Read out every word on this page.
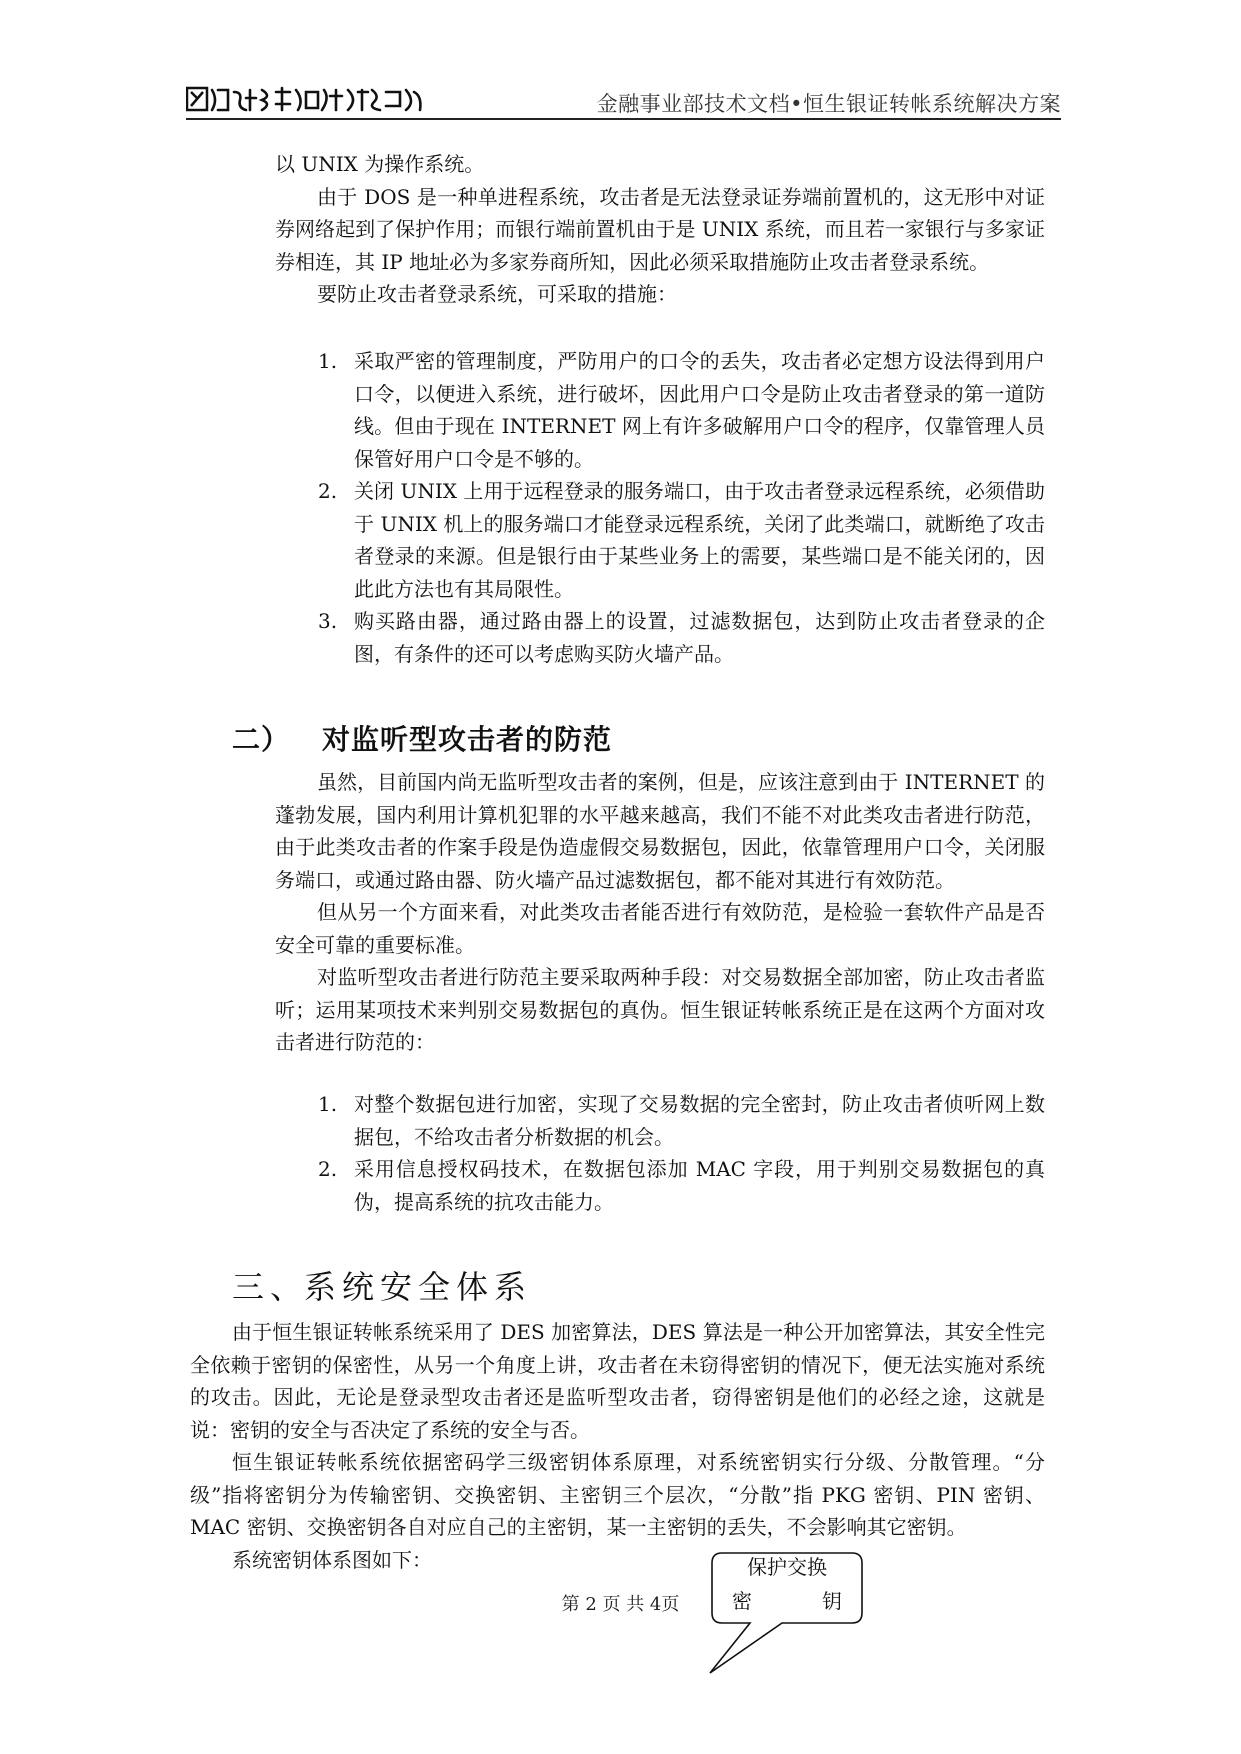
金融事业部技术文档•恒生银证转帐系统解决方案

以 UNIX 为操作系统。

由于 DOS 是一种单进程系统，攻击者是无法登录证券端前置机的，这无形中对证券网络起到了保护作用；而银行端前置机由于是 UNIX 系统，而且若一家银行与多家证券相连，其 IP 地址必为多家券商所知，因此必须采取措施防止攻击者登录系统。

要防止攻击者登录系统，可采取的措施：

1. 采取严密的管理制度，严防用户的口令的丢失，攻击者必定想方设法得到用户口令，以便进入系统，进行破坏，因此用户口令是防止攻击者登录的第一道防线。但由于现在 INTERNET 网上有许多破解用户口令的程序，仅靠管理人员保管好用户口令是不够的。
2. 关闭 UNIX 上用于远程登录的服务端口，由于攻击者登录远程系统，必须借助于 UNIX 机上的服务端口才能登录远程系统，关闭了此类端口，就断绝了攻击者登录的来源。但是银行由于某些业务上的需要，某些端口是不能关闭的，因此此方法也有其局限性。
3. 购买路由器，通过路由器上的设置，过滤数据包，达到防止攻击者登录的企图，有条件的还可以考虑购买防火墙产品。
二） 对监听型攻击者的防范

虽然，目前国内尚无监听型攻击者的案例，但是，应该注意到由于 INTERNET 的蓬勃发展，国内利用计算机犯罪的水平越来越高，我们不能不对此类攻击者进行防范，由于此类攻击者的作案手段是伪造虚假交易数据包，因此，依靠管理用户口令，关闭服务端口，或通过路由器、防火墙产品过滤数据包，都不能对其进行有效防范。

但从另一个方面来看，对此类攻击者能否进行有效防范，是检验一套软件产品是否安全可靠的重要标准。

对监听型攻击者进行防范主要采取两种手段：对交易数据全部加密，防止攻击者监听；运用某项技术来判别交易数据包的真伪。恒生银证转帐系统正是在这两个方面对攻击者进行防范的：

1. 对整个数据包进行加密，实现了交易数据的完全密封，防止攻击者侦听网上数据包，不给攻击者分析数据的机会。
2. 采用信息授权码技术，在数据包添加 MAC 字段，用于判别交易数据包的真伪，提高系统的抗攻击能力。
三、系统安全体系

由于恒生银证转帐系统采用了 DES 加密算法，DES 算法是一种公开加密算法，其安全性完全依赖于密钥的保密性，从另一个角度上讲，攻击者在未窃得密钥的情况下，便无法实施对系统的攻击。因此，无论是登录型攻击者还是监听型攻击者，窃得密钥是他们的必经之途，这就是说：密钥的安全与否决定了系统的安全与否。

恒生银证转帐系统依据密码学三级密钥体系原理，对系统密钥实行分级、分散管理。“分级”指将密钥分为传输密钥、交换密钥、主密钥三个层次，“分散”指 PKG 密钥、PIN 密钥、MAC 密钥、交换密钥各自对应自己的主密钥，某一主密钥的丢失，不会影响其它密钥。

系统密钥体系图如下：	保护交换
密　　钥
第 2 页 共 4页
